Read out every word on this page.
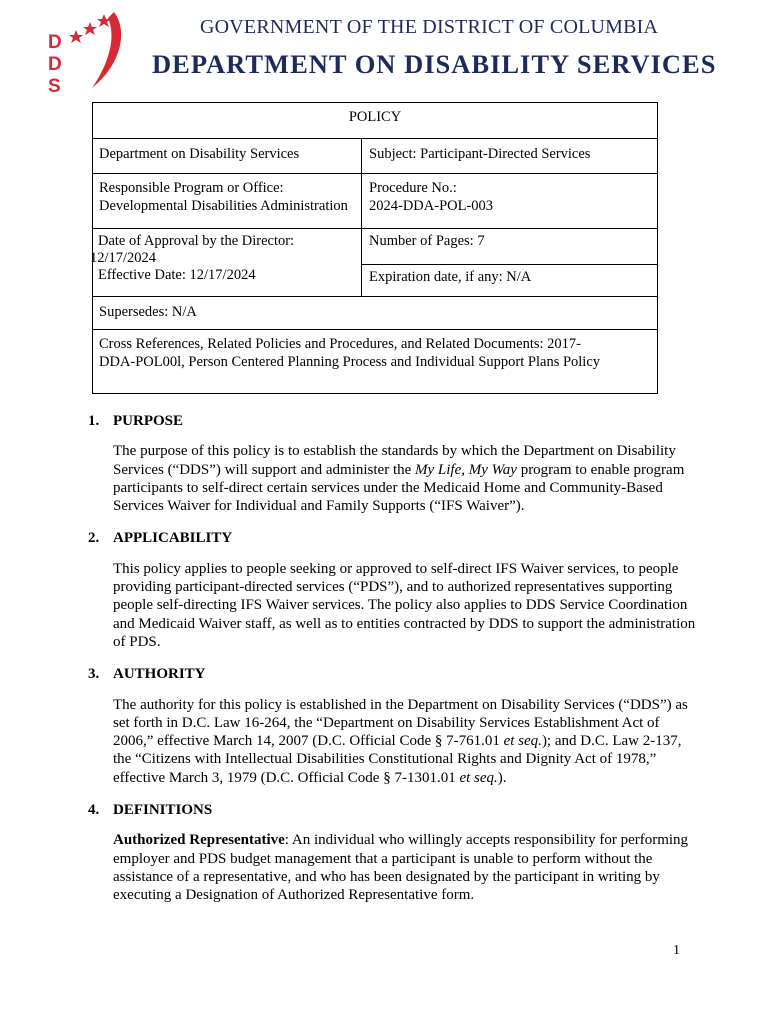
D
D
S
GOVERNMENT OF THE DISTRICT OF COLUMBIA
DEPARTMENT ON DISABILITY SERVICES
POLICY
Department on Disability Services	Subject: Participant-Directed Services
Responsible Program or Office:
Developmental Disabilities Administration
Procedure No.:
2024-DDA-POL-003
Date of Approval by the Director:
12/17/2024
Effective Date: 12/17/2024
Number of Pages: 7
Expiration date, if any: N/A
Supersedes: N/A
Cross References, Related Policies and Procedures, and Related Documents: 2017-
DDA-POL00l, Person Centered Planning Process and Individual Support Plans Policy
1. PURPOSE

The purpose of this policy is to establish the standards by which the Department on Disability Services (“DDS”) will support and administer the My Life, My Way program to enable program participants to self-direct certain services under the Medicaid Home and Community-Based Services Waiver for Individual and Family Supports (“IFS Waiver”).

2. APPLICABILITY

This policy applies to people seeking or approved to self-direct IFS Waiver services, to people providing participant-directed services (“PDS”), and to authorized representatives supporting people self-directing IFS Waiver services. The policy also applies to DDS Service Coordination and Medicaid Waiver staff, as well as to entities contracted by DDS to support the administration of PDS.

3. AUTHORITY

The authority for this policy is established in the Department on Disability Services (“DDS”) as set forth in D.C. Law 16-264, the “Department on Disability Services Establishment Act of 2006,” effective March 14, 2007 (D.C. Official Code § 7-761.01 et seq.); and D.C. Law 2-137, the “Citizens with Intellectual Disabilities Constitutional Rights and Dignity Act of 1978,” effective March 3, 1979 (D.C. Official Code § 7-1301.01 et seq.).

4. DEFINITIONS

Authorized Representative: An individual who willingly accepts responsibility for performing employer and PDS budget management that a participant is unable to perform without the assistance of a representative, and who has been designated by the participant in writing by executing a Designation of Authorized Representative form.

1
